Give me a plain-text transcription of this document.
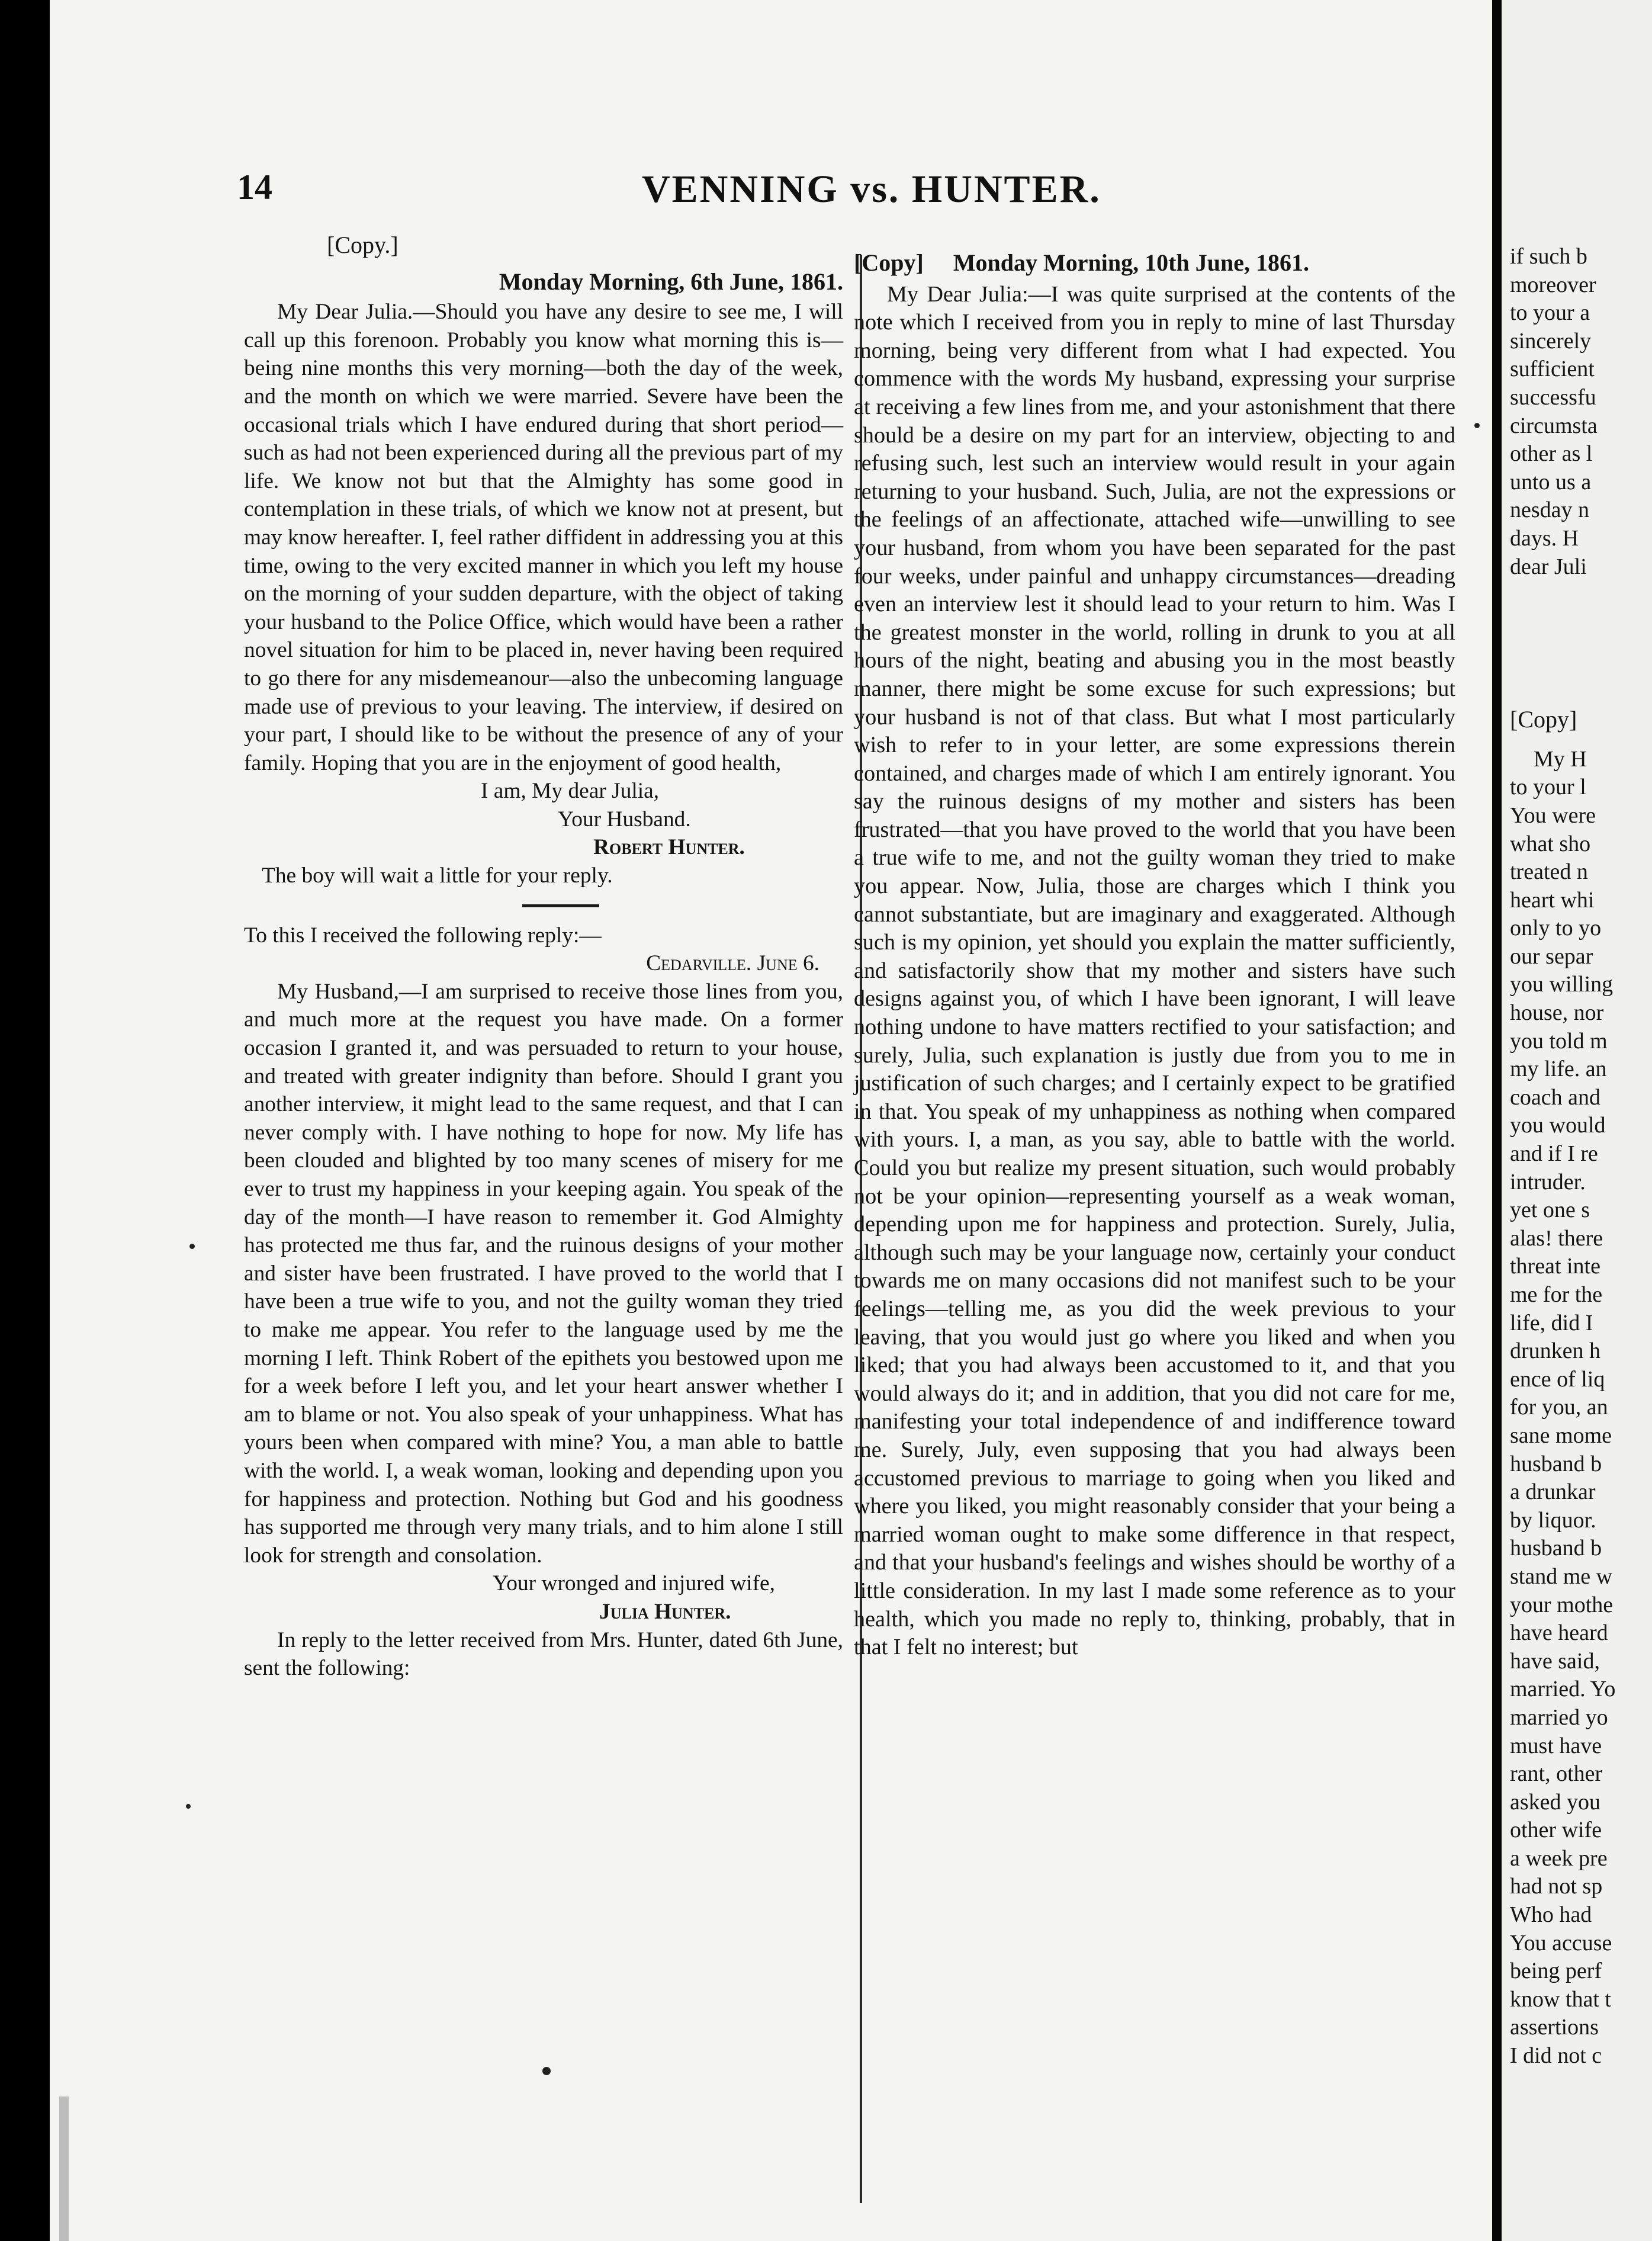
14	VENNING vs. HUNTER.
[Copy.]
Monday Morning, 6th June, 1861.

My Dear Julia.—Should you have any desire to see me, I will call up this forenoon. Probably you know what morning this is—being nine months this very morning—both the day of the week, and the month on which we were married. Severe have been the occasional trials which I have endured during that short period—such as had not been experienced during all the previous part of my life. We know not but that the Almighty has some good in contemplation in these trials, of which we know not at present, but may know hereafter. I, feel rather diffident in addressing you at this time, owing to the very excited manner in which you left my house on the morning of your sudden departure, with the object of taking your husband to the Police Office, which would have been a rather novel situation for him to be placed in, never having been required to go there for any misdemeanour—also the unbecoming language made use of previous to your leaving. The interview, if desired on your part, I should like to be without the presence of any of your family. Hoping that you are in the enjoyment of good health,

I am, My dear Julia,

Your Husband.

Robert Hunter.

The boy will wait a little for your reply.

To this I received the following reply:—

Cedarville. June 6.

My Husband,—I am surprised to receive those lines from you, and much more at the request you have made. On a former occasion I granted it, and was persuaded to return to your house, and treated with greater indignity than before. Should I grant you another interview, it might lead to the same request, and that I can never comply with. I have nothing to hope for now. My life has been clouded and blighted by too many scenes of misery for me ever to trust my happiness in your keeping again. You speak of the day of the month—I have reason to remember it. God Almighty has protected me thus far, and the ruinous designs of your mother and sister have been frustrated. I have proved to the world that I have been a true wife to you, and not the guilty woman they tried to make me appear. You refer to the language used by me the morning I left. Think Robert of the epithets you bestowed upon me for a week before I left you, and let your heart answer whether I am to blame or not. You also speak of your unhappiness. What has yours been when compared with mine? You, a man able to battle with the world. I, a weak woman, looking and depending upon you for happiness and protection. Nothing but God and his goodness has supported me through very many trials, and to him alone I still look for strength and consolation.

Your wronged and injured wife,

Julia Hunter.

In reply to the letter received from Mrs. Hunter, dated 6th June, sent the following:

[Copy] Monday Morning, 10th June, 1861.

My Dear Julia:—I was quite surprised at the contents of the note which I received from you in reply to mine of last Thursday morning, being very different from what I had expected. You commence with the words My husband, expressing your surprise at receiving a few lines from me, and your astonishment that there should be a desire on my part for an interview, objecting to and refusing such, lest such an interview would result in your again returning to your husband. Such, Julia, are not the expressions or the feelings of an affectionate, attached wife—unwilling to see your husband, from whom you have been separated for the past four weeks, under painful and unhappy circumstances—dreading even an interview lest it should lead to your return to him. Was I the greatest monster in the world, rolling in drunk to you at all hours of the night, beating and abusing you in the most beastly manner, there might be some excuse for such expressions; but your husband is not of that class. But what I most particularly wish to refer to in your letter, are some expressions therein contained, and charges made of which I am entirely ignorant. You say the ruinous designs of my mother and sisters has been frustrated—that you have proved to the world that you have been a true wife to me, and not the guilty woman they tried to make you appear. Now, Julia, those are charges which I think you cannot substantiate, but are imaginary and exaggerated. Although such is my opinion, yet should you explain the matter sufficiently, and satisfactorily show that my mother and sisters have such designs against you, of which I have been ignorant, I will leave nothing undone to have matters rectified to your satisfaction; and surely, Julia, such explanation is justly due from you to me in justification of such charges; and I certainly expect to be gratified in that. You speak of my unhappiness as nothing when compared with yours. I, a man, as you say, able to battle with the world. Could you but realize my present situation, such would probably not be your opinion—representing yourself as a weak woman, depending upon me for happiness and protection. Surely, Julia, although such may be your language now, certainly your conduct towards me on many occasions did not manifest such to be your feelings—telling me, as you did the week previous to your leaving, that you would just go where you liked and when you liked; that you had always been accustomed to it, and that you would always do it; and in addition, that you did not care for me, manifesting your total independence of and indifference toward me. Surely, July, even supposing that you had always been accustomed previous to marriage to going when you liked and where you liked, you might reasonably consider that your being a married woman ought to make some difference in that respect, and that your husband's feelings and wishes should be worthy of a little consideration. In my last I made some reference as to your health, which you made no reply to, thinking, probably, that in that I felt no interest; but

if such b
moreover
to your a
sincerely
sufficient
successfu
circumsta
other as l
unto us a
nesday n
days. H
dear Juli
[Copy]
My H
to your l
You were
what sho
treated n
heart whi
only to yo
our separ
you willing
house, nor
you told m
my life. an
coach and
you would
and if I re
intruder.
yet one s
alas! there
threat inte
me for the
life, did I
drunken h
ence of liq
for you, an
sane mome
husband b
a drunkar
by liquor.
husband b
stand me w
your mothe
have heard
have said,
married. Yo
married yo
must have
rant, other
asked you
other wife
a week pre
had not sp
Who had
You accuse
being perf
know that t
assertions
I did not c
